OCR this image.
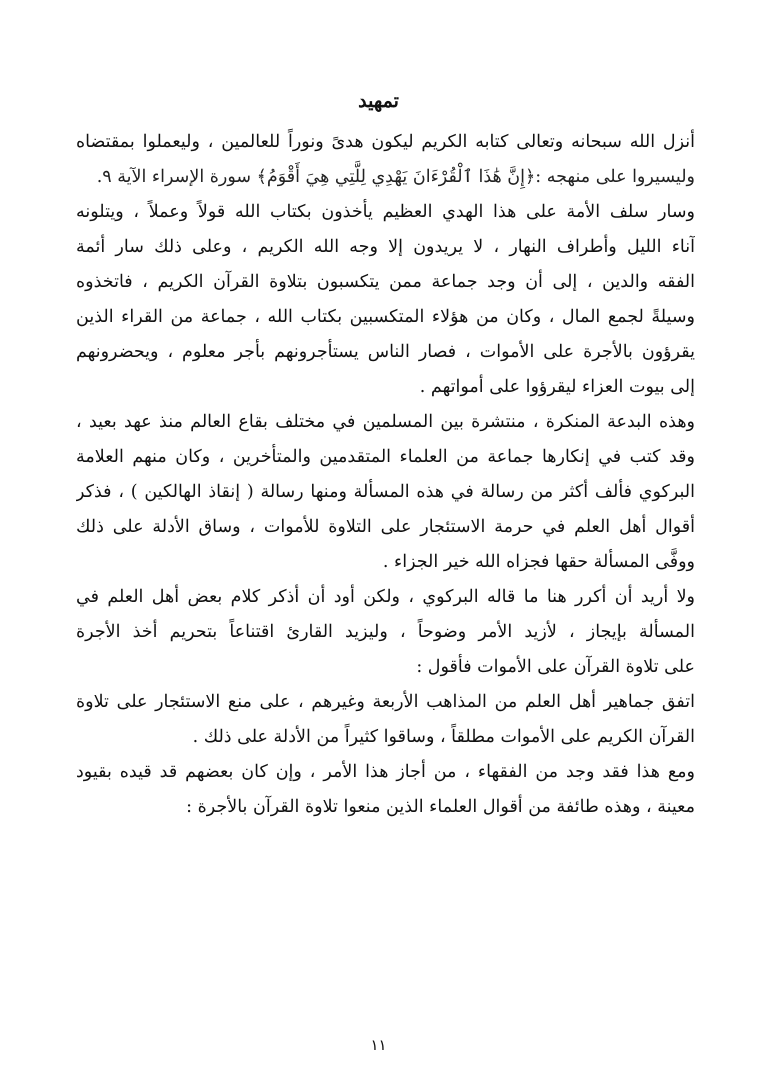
تمهيد
أنزل الله سبحانه وتعالى كتابه الكريم ليكون هدىً ونوراً للعالمين ، وليعملوا بمقتضاه
وليسيروا على منهجه :﴿إِنَّ هَٰذَا ٱلْقُرْءَانَ يَهْدِي لِلَّتِي هِيَ أَقْوَمُ﴾ سورة الإسراء الآية ٩.
وسار سلف الأمة على هذا الهدي العظيم يأخذون بكتاب الله قولاً وعملاً ، ويتلونه
آناء الليل وأطراف النهار ، لا يريدون إلا وجه الله الكريم ، وعلى ذلك سار أئمة
الفقه والدين ، إلى أن وجد جماعة ممن يتكسبون بتلاوة القرآن الكريم ، فاتخذوه
وسيلةً لجمع المال ، وكان من هؤلاء المتكسبين بكتاب الله ، جماعة من القراء الذين
يقرؤون بالأجرة على الأموات ، فصار الناس يستأجرونهم بأجر معلوم ، ويحضرونهم
إلى بيوت العزاء ليقرؤوا على أمواتهم .
وهذه البدعة المنكرة ، منتشرة بين المسلمين في مختلف بقاع العالم منذ عهد بعيد ،
وقد كتب في إنكارها جماعة من العلماء المتقدمين والمتأخرين ، وكان منهم العلامة
البركوي فألف أكثر من رسالة في هذه المسألة ومنها رسالة ( إنقاذ الهالكين ) ، فذكر
أقوال أهل العلم في حرمة الاستئجار على التلاوة للأموات ، وساق الأدلة على ذلك
ووفَّى المسألة حقها فجزاه الله خير الجزاء .
ولا أريد أن أكرر هنا ما قاله البركوي ، ولكن أود أن أذكر كلام بعض أهل العلم في
المسألة بإيجاز ، لأزيد الأمر وضوحاً ، وليزيد القارئ اقتناعاً بتحريم أخذ الأجرة
على تلاوة القرآن على الأموات فأقول :
اتفق جماهير أهل العلم من المذاهب الأربعة وغيرهم ، على منع الاستئجار على تلاوة
القرآن الكريم على الأموات مطلقاً ، وساقوا كثيراً من الأدلة على ذلك .
ومع هذا فقد وجد من الفقهاء ، من أجاز هذا الأمر ، وإن كان بعضهم قد قيده بقيود
معينة ، وهذه طائفة من أقوال العلماء الذين منعوا تلاوة القرآن بالأجرة :
١١
